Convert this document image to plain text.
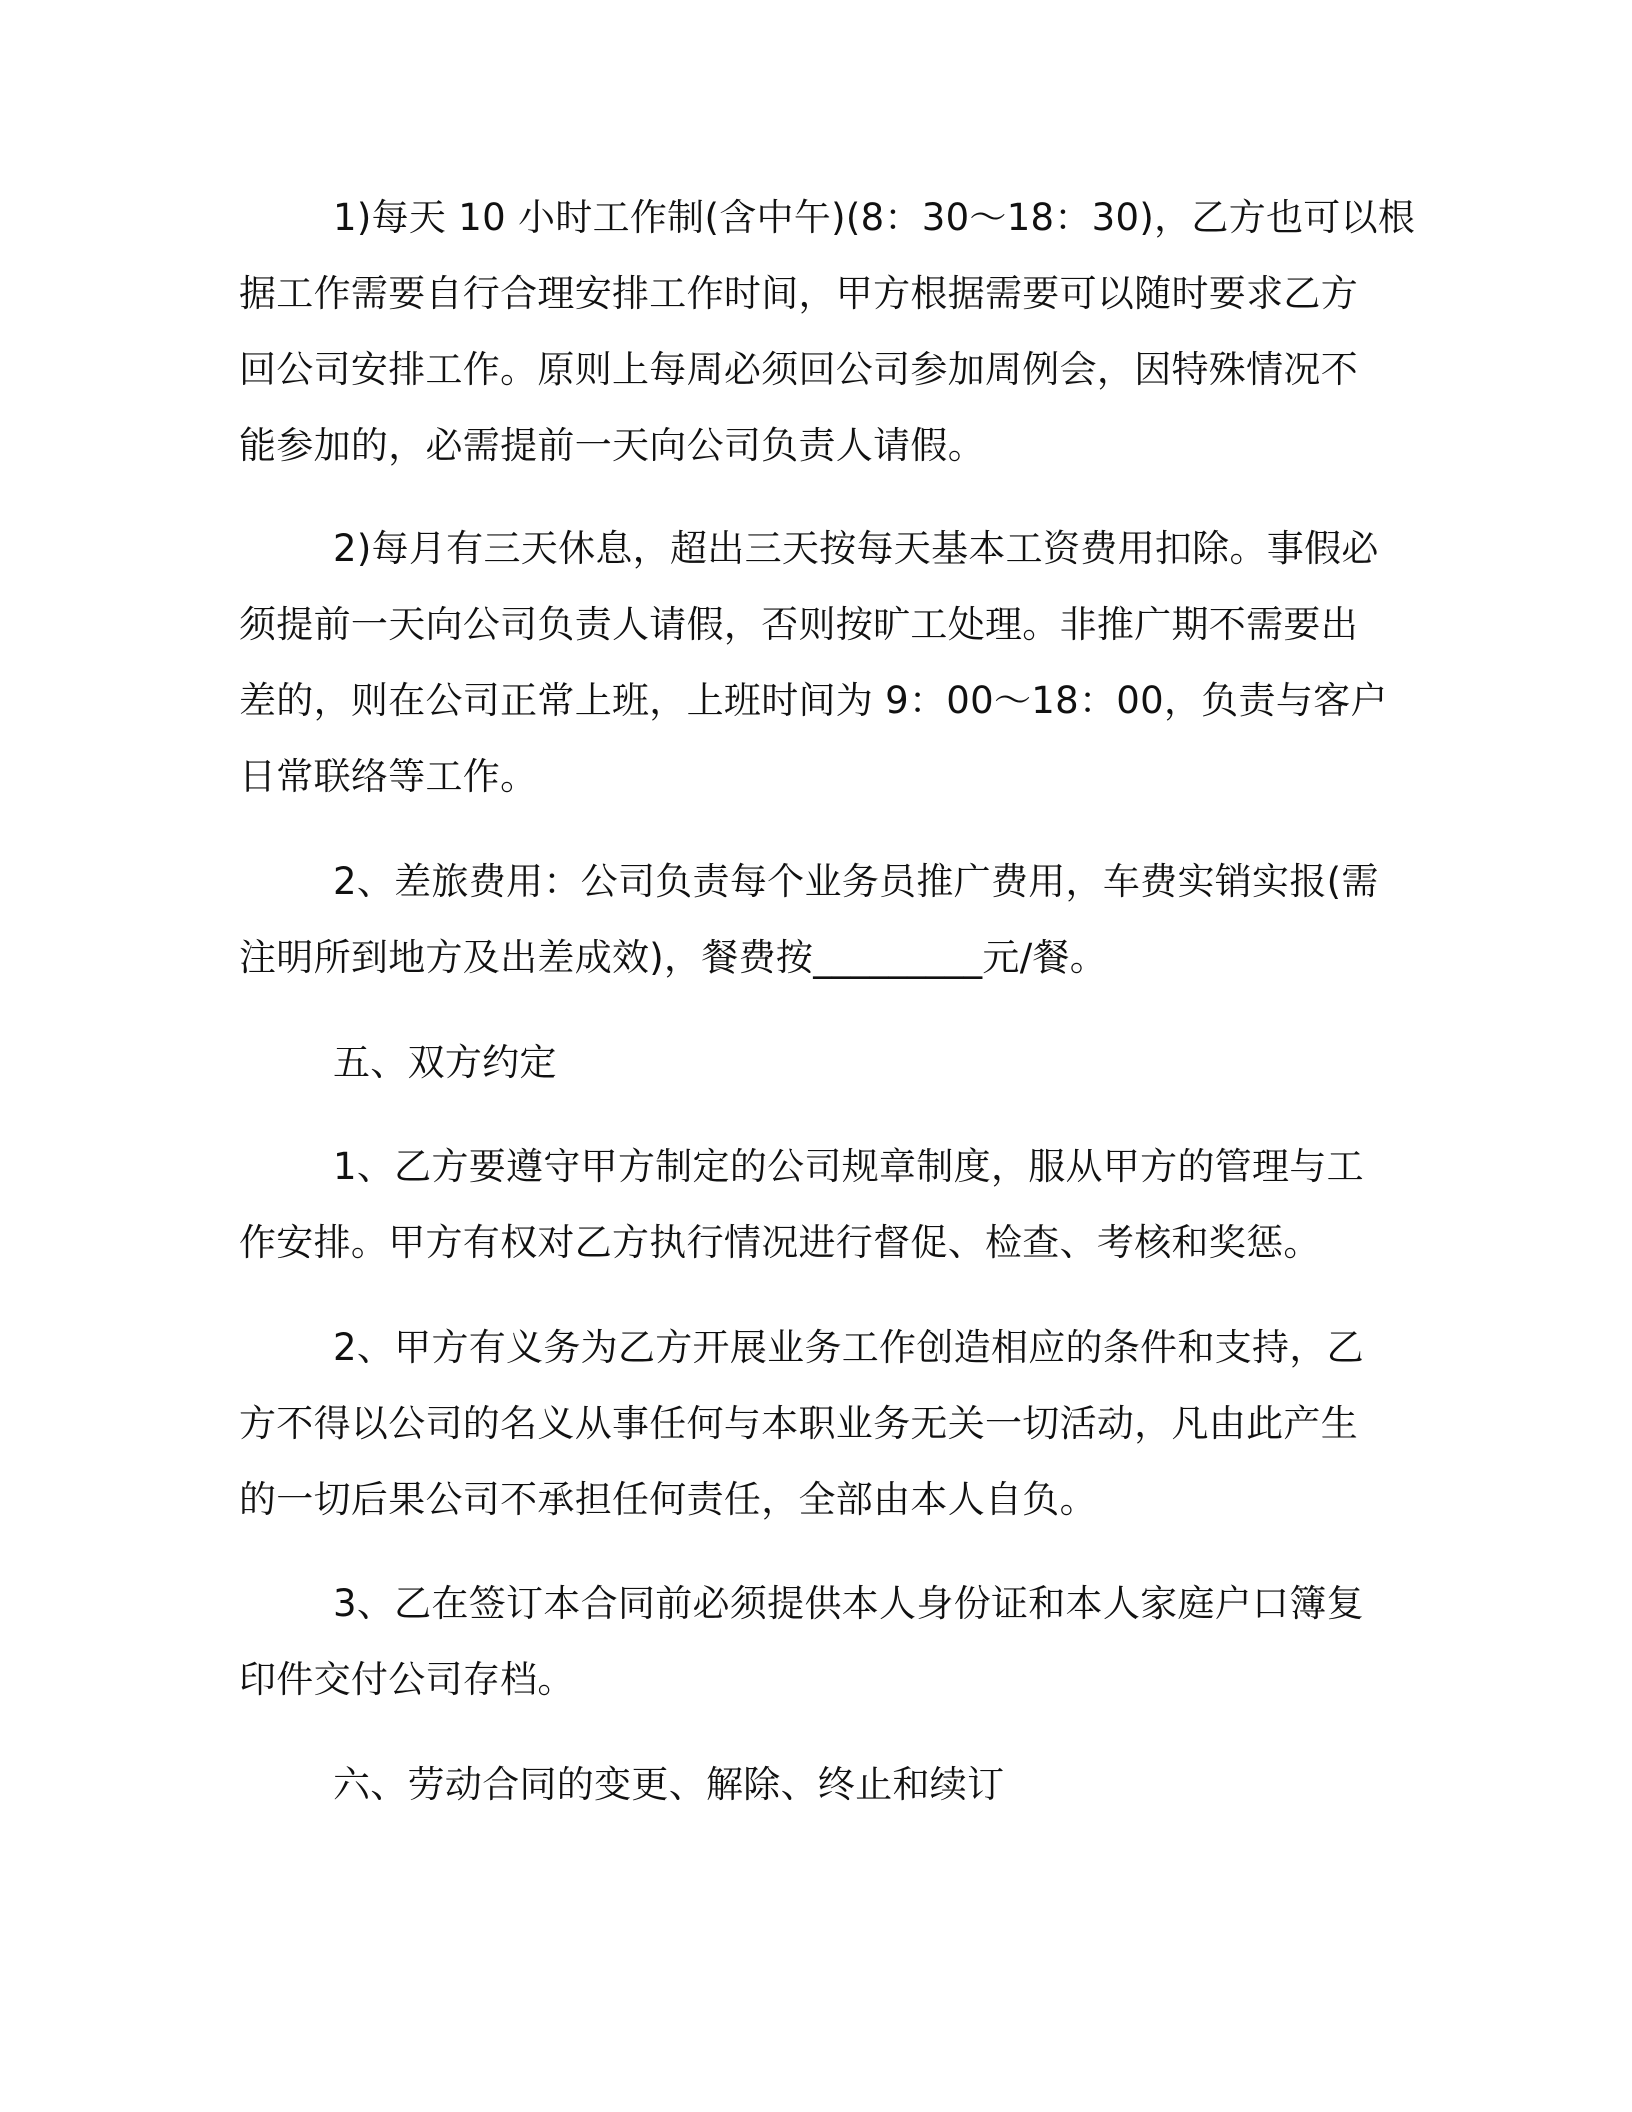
1)每天 10 小时工作制(含中午)(8：30～18：30)，乙方也可以根

据工作需要自行合理安排工作时间，甲方根据需要可以随时要求乙方

回公司安排工作。原则上每周必须回公司参加周例会，因特殊情况不

能参加的，必需提前一天向公司负责人请假。

2)每月有三天休息，超出三天按每天基本工资费用扣除。事假必

须提前一天向公司负责人请假，否则按旷工处理。非推广期不需要出

差的，则在公司正常上班，上班时间为 9：00～18：00，负责与客户

日常联络等工作。

2、差旅费用：公司负责每个业务员推广费用，车费实销实报(需

注明所到地方及出差成效)，餐费按_________元/餐。

五、双方约定

1、乙方要遵守甲方制定的公司规章制度，服从甲方的管理与工

作安排。甲方有权对乙方执行情况进行督促、检查、考核和奖惩。

2、甲方有义务为乙方开展业务工作创造相应的条件和支持，乙

方不得以公司的名义从事任何与本职业务无关一切活动，凡由此产生

的一切后果公司不承担任何责任，全部由本人自负。

3、乙在签订本合同前必须提供本人身份证和本人家庭户口簿复

印件交付公司存档。

六、劳动合同的变更、解除、终止和续订
